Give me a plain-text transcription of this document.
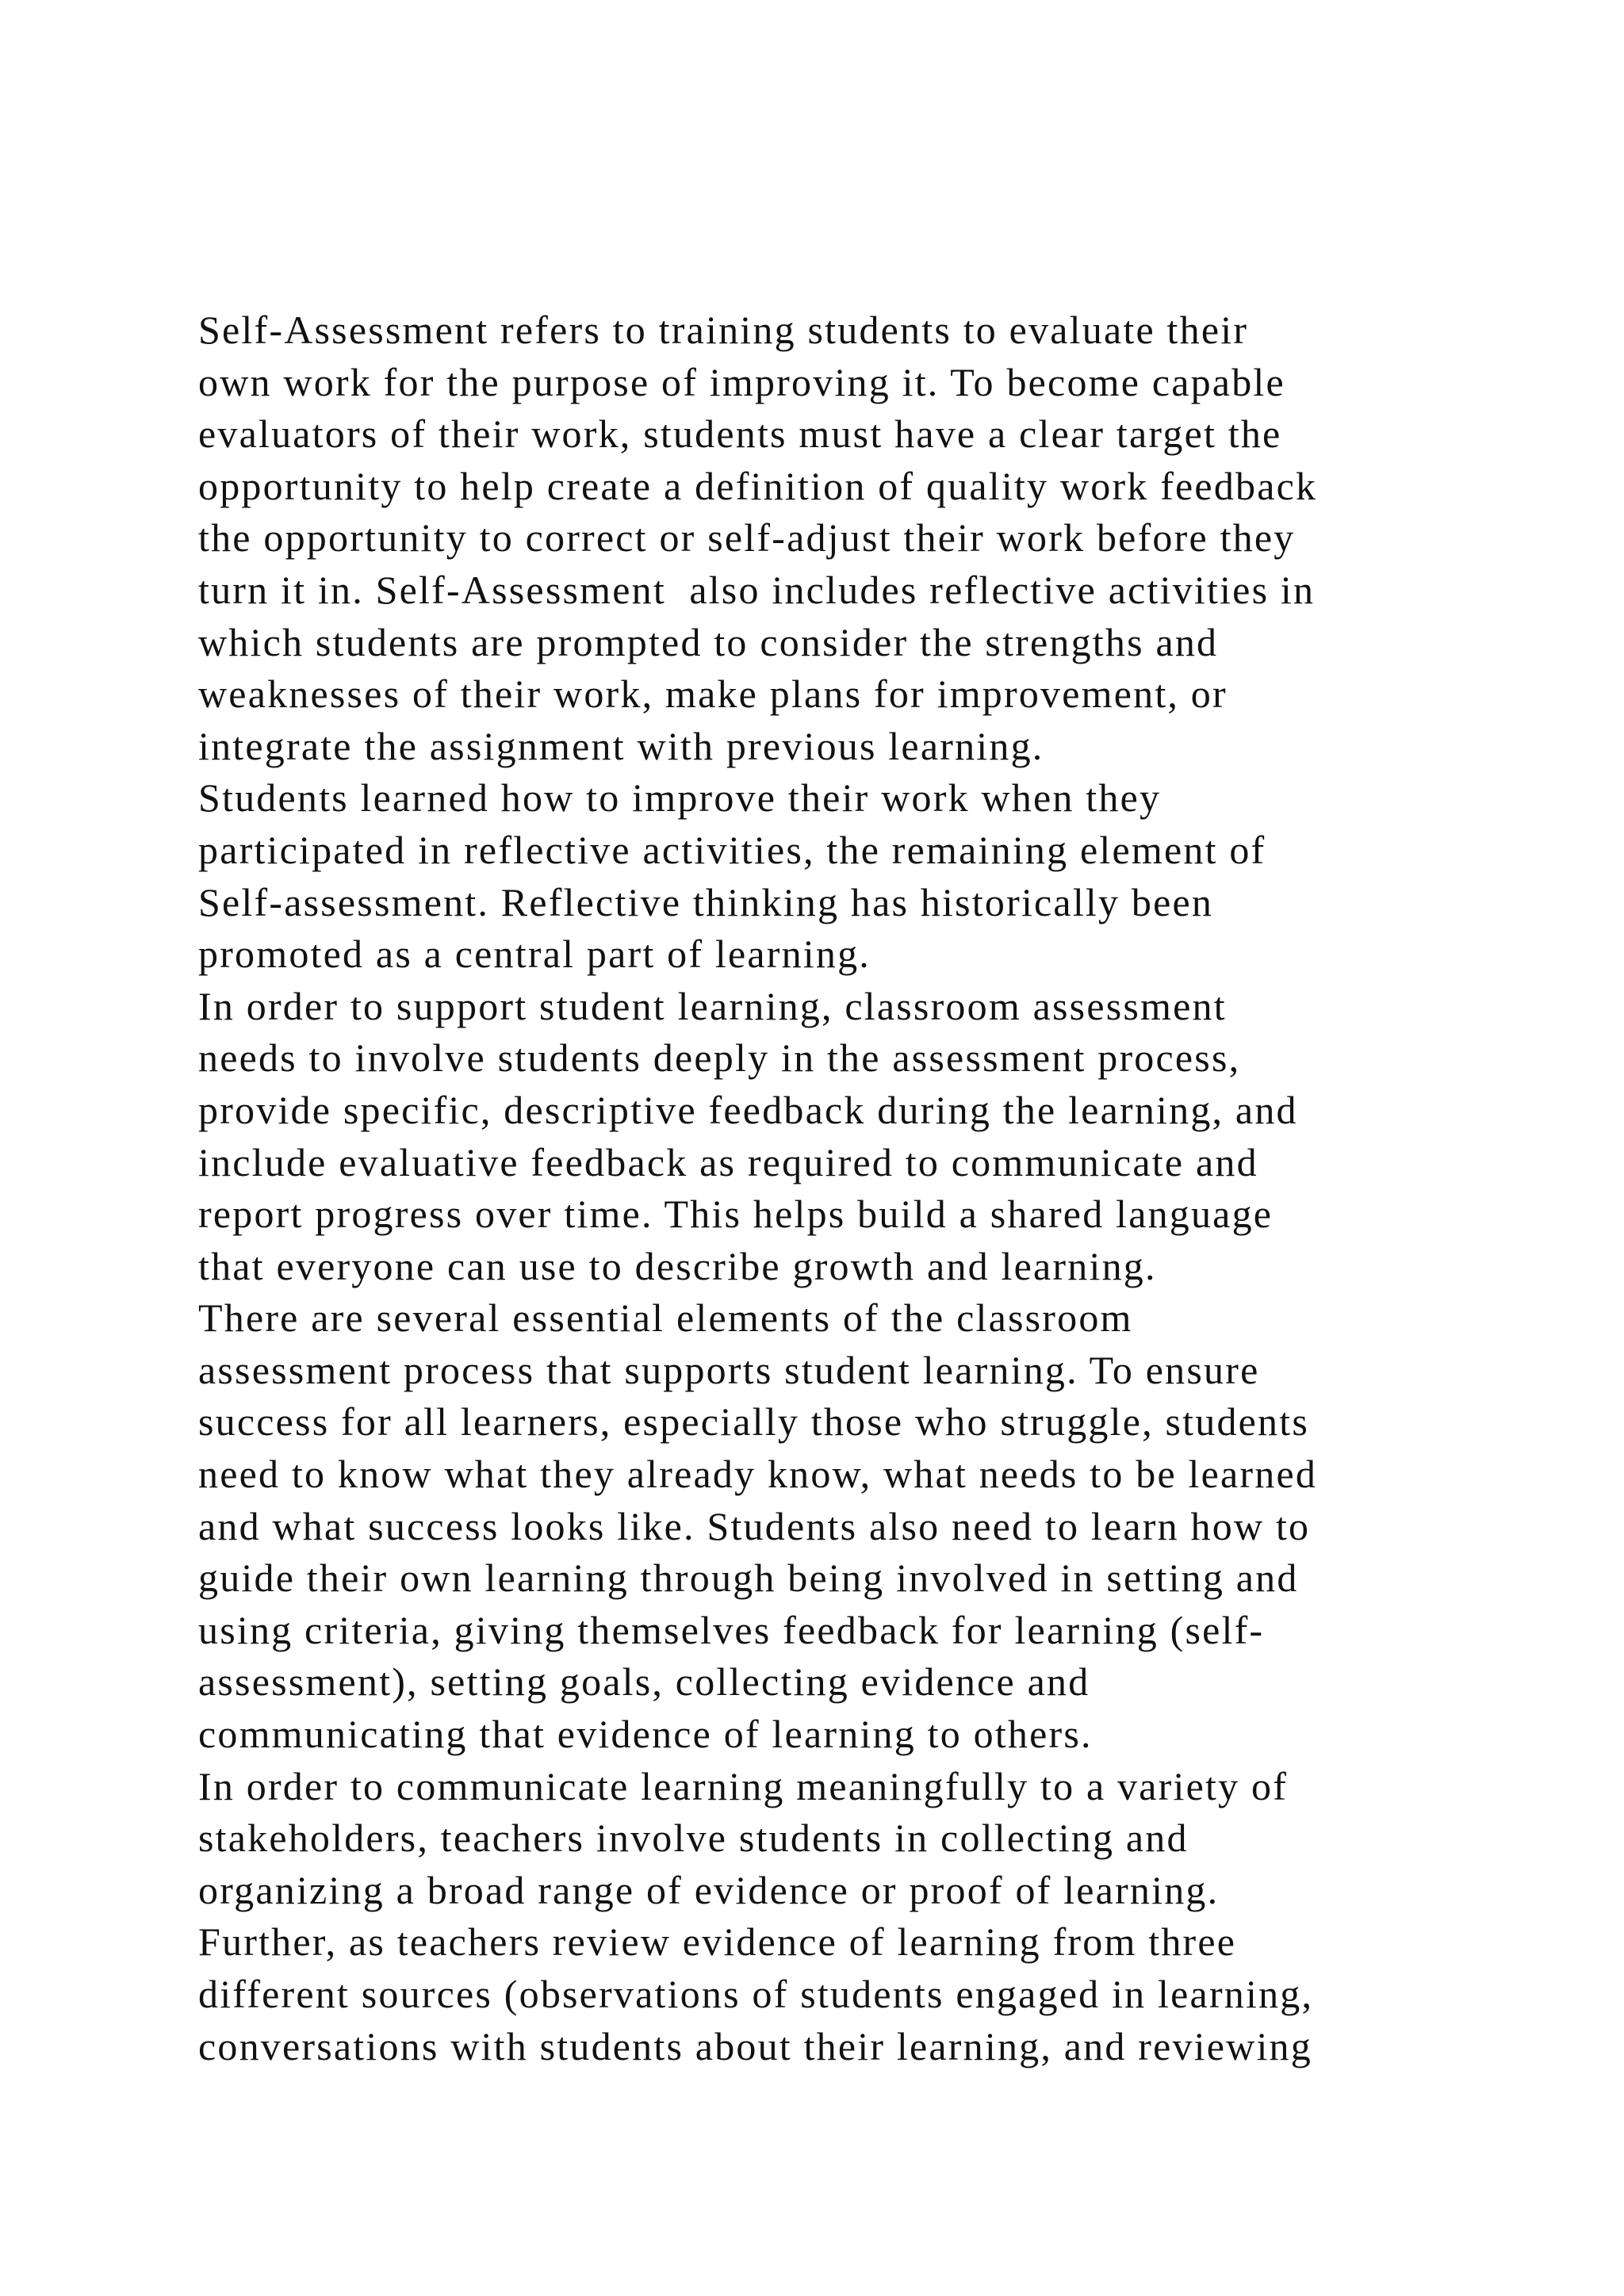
Self-Assessment refers to training students to evaluate their
own work for the purpose of improving it. To become capable
evaluators of their work, students must have a clear target the
opportunity to help create a definition of quality work feedback
the opportunity to correct or self-adjust their work before they
turn it in. Self-Assessment  also includes reflective activities in
which students are prompted to consider the strengths and
weaknesses of their work, make plans for improvement, or
integrate the assignment with previous learning.
Students learned how to improve their work when they
participated in reflective activities, the remaining element of
Self-assessment. Reflective thinking has historically been
promoted as a central part of learning.
In order to support student learning, classroom assessment
needs to involve students deeply in the assessment process,
provide specific, descriptive feedback during the learning, and
include evaluative feedback as required to communicate and
report progress over time. This helps build a shared language
that everyone can use to describe growth and learning.
There are several essential elements of the classroom
assessment process that supports student learning. To ensure
success for all learners, especially those who struggle, students
need to know what they already know, what needs to be learned
and what success looks like. Students also need to learn how to
guide their own learning through being involved in setting and
using criteria, giving themselves feedback for learning (self-
assessment), setting goals, collecting evidence and
communicating that evidence of learning to others.
In order to communicate learning meaningfully to a variety of
stakeholders, teachers involve students in collecting and
organizing a broad range of evidence or proof of learning.
Further, as teachers review evidence of learning from three
different sources (observations of students engaged in learning,
conversations with students about their learning, and reviewing
